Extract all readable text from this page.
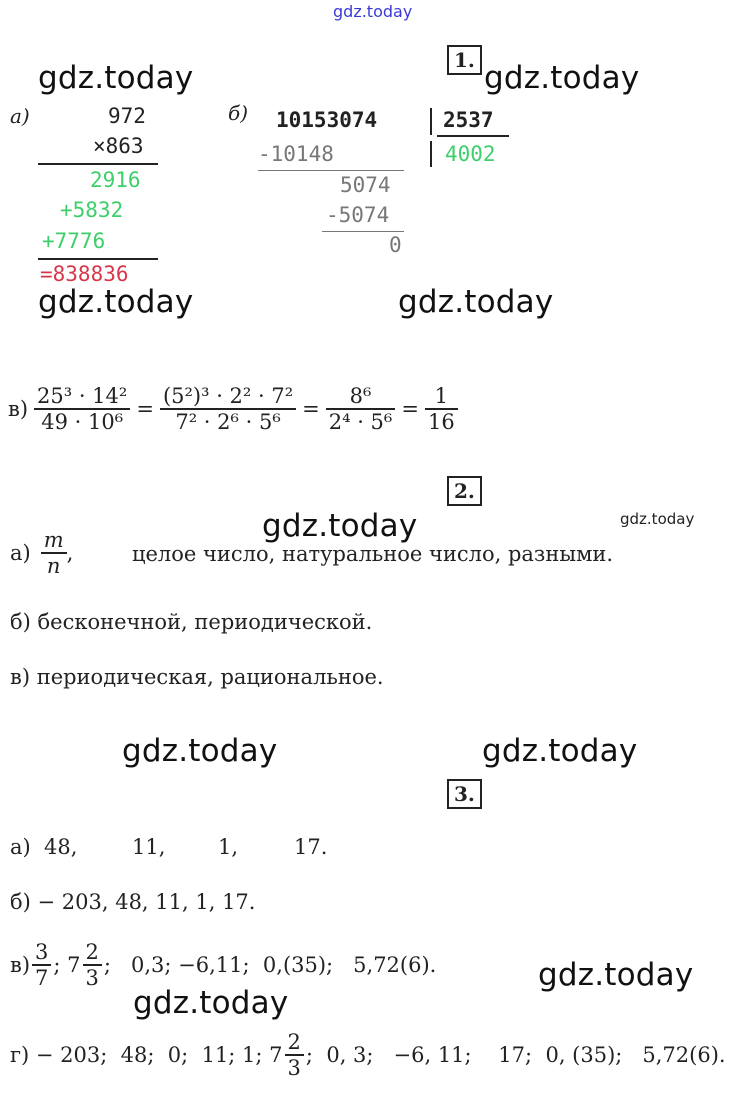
gdz.today
gdz.today	gdz.today
gdz.today	gdz.today
gdz.today	gdz.today
gdz.today	gdz.today
gdz.today
gdz.today
1.
а)	972
×863
2916
+5832
+7776
=838836
б) 10153074	2537
4002
-10148
5074
-5074
0
$в) \frac{\text{25³ · 14²}}{\text{49 · 10⁶}} = \frac{\text{(5²)³ · 2² · 7²}}{\text{7² · 2⁶ · 5⁶}} = \frac{\text{8⁶}}{\text{2⁴ · 5⁶}} = \frac{1}{16}$
2.
$а) \frac{m}{n}$ ,	целое число, натуральное число, разными.
б) бесконечной, периодической.
в) периодическая, рациональное.
3.
а) 48,	11,	1,	17.
б) − 203, 48, 11, 1, 17.
$в) \frac{3}{7}$ ; $7 \frac{2}{3}$ ;   0,3; −6,11;  0,(35);   5,72(6).
г) − 203;  48;  0;  11; 1; $7 \frac{2}{3}$ ;  0, 3;   −6, 11;    17;  0, (35);   5,72(6).
